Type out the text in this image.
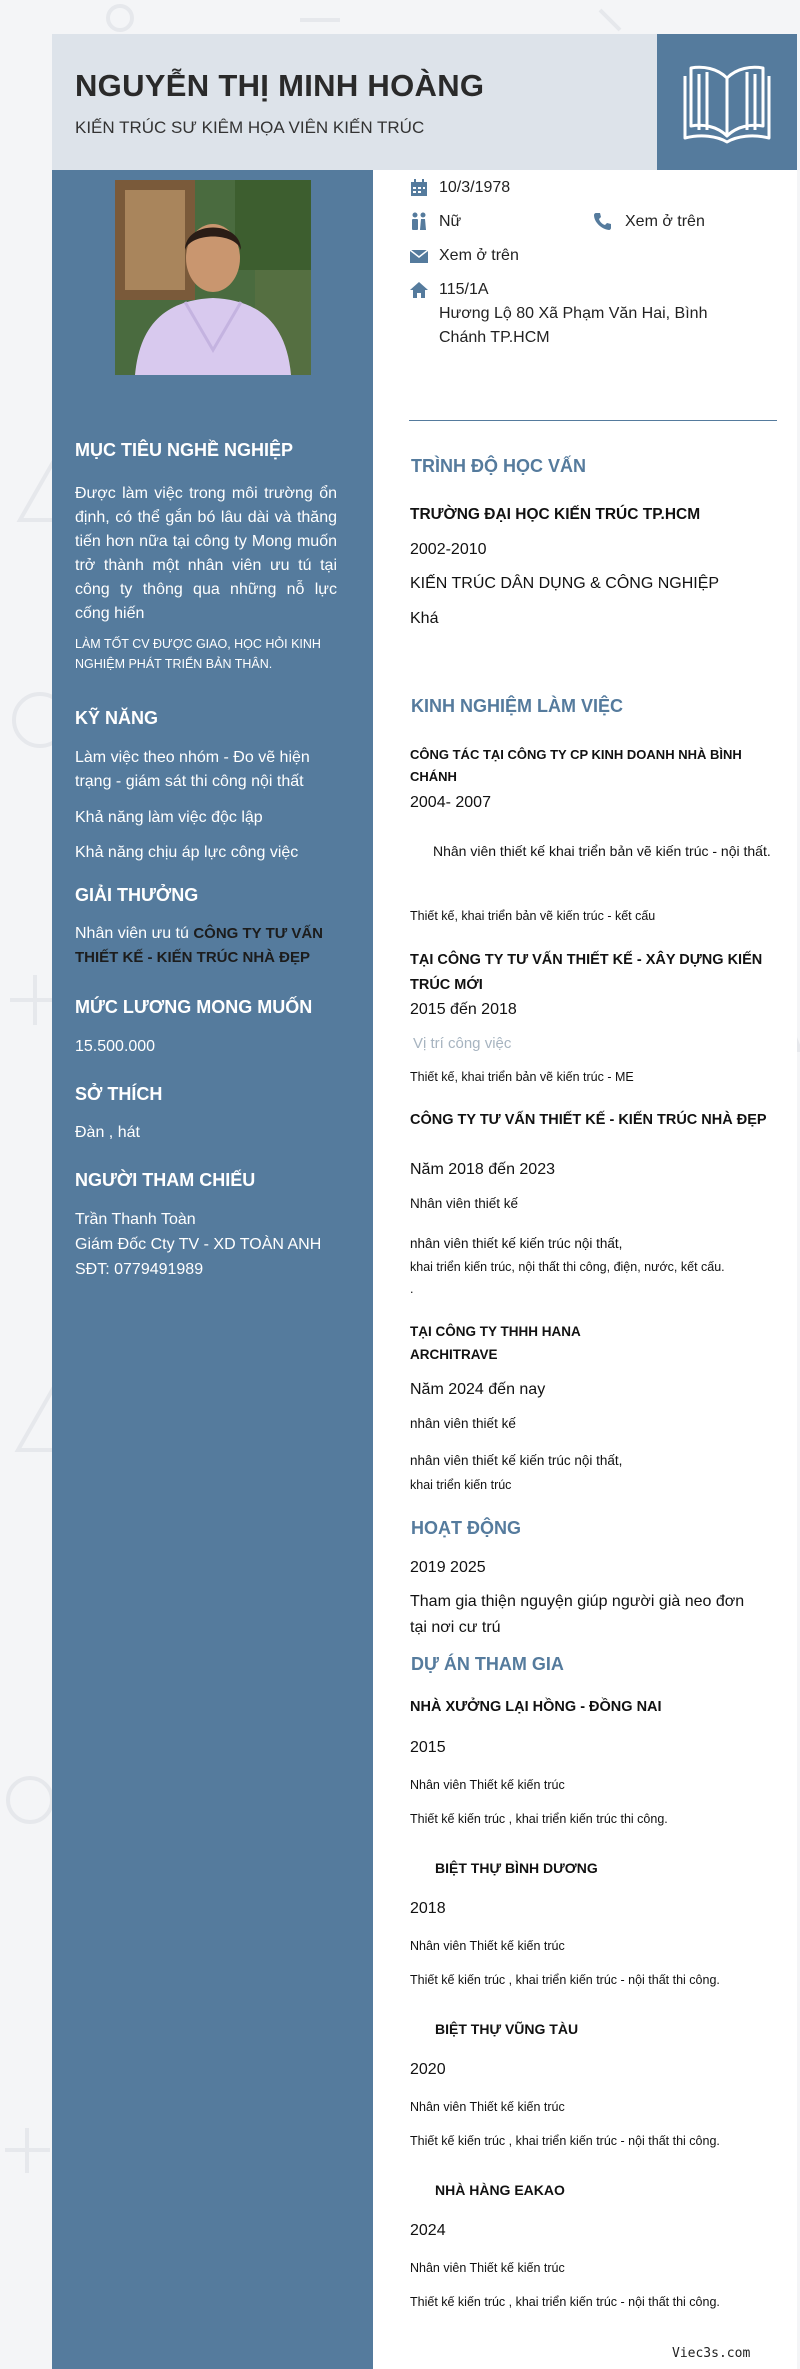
NGUYỄN THỊ MINH HOÀNG
KIẾN TRÚC SƯ KIÊM HỌA VIÊN KIẾN TRÚC
MỤC TIÊU NGHỀ NGHIỆP
Được làm việc trong môi trường ổn định, có thể gắn bó lâu dài và thăng tiến hơn nữa tại công ty Mong muốn trở thành một nhân viên ưu tú tại công ty thông qua những nỗ lực cống hiến
LÀM TỐT CV ĐƯỢC GIAO, HỌC HỎI KINH NGHIỆM PHÁT TRIỂN BẢN THÂN.
KỸ NĂNG
Làm việc theo nhóm - Đo vẽ hiện trạng - giám sát thi công nội thất
Khả năng làm việc độc lập
Khả năng chịu áp lực công việc
GIẢI THƯỞNG
Nhân viên ưu tú CÔNG TY TƯ VẤN THIẾT KẾ - KIẾN TRÚC NHÀ ĐẸP
MỨC LƯƠNG MONG MUỐN
15.500.000
SỞ THÍCH
Đàn , hát
NGƯỜI THAM CHIẾU
Trần Thanh Toàn
Giám Đốc Cty TV - XD TOÀN ANH
SĐT: 0779491989
10/3/1978
Nữ	Xem ở trên
Xem ở trên
115/1A
Hương Lộ 80 Xã Phạm Văn Hai, Bình Chánh TP.HCM
TRÌNH ĐỘ HỌC VẤN
TRƯỜNG ĐẠI HỌC KIẾN TRÚC TP.HCM
2002-2010
KIẾN TRÚC DÂN DỤNG & CÔNG NGHIỆP
Khá
KINH NGHIỆM LÀM VIỆC
CÔNG TÁC TẠI CÔNG TY CP KINH DOANH NHÀ BÌNH CHÁNH
2004- 2007
Nhân viên thiết kế khai triển bản vẽ kiến trúc - nội thất.
Thiết kế, khai triển bản vẽ kiến trúc - kết cấu
TẠI CÔNG TY TƯ VẤN THIẾT KẾ - XÂY DỰNG KIẾN TRÚC MỚI
2015 đến 2018
Vị trí công việc
Thiết kế, khai triển bản vẽ kiến trúc - ME
CÔNG TY TƯ VẤN THIẾT KẾ - KIẾN TRÚC NHÀ ĐẸP
Năm 2018 đến 2023
Nhân viên thiết kế
nhân viên thiết kế kiến trúc nội thất,
khai triển kiến trúc, nội thất thi công, điện, nước, kết cấu.
.
TẠI CÔNG TY THHH HANA ARCHITRAVE
Năm 2024 đến nay
nhân viên thiết kế
nhân viên thiết kế kiến trúc nội thất,
khai triển kiến trúc
HOẠT ĐỘNG
2019 2025
Tham gia thiện nguyện giúp người già neo đơn tại nơi cư trú
DỰ ÁN THAM GIA
NHÀ XƯỞNG LẠI HỒNG - ĐỒNG NAI
2015
Nhân viên Thiết kế kiến trúc
Thiết kế kiến trúc , khai triển kiến trúc thi công.
BIỆT THỰ BÌNH DƯƠNG
2018
Nhân viên Thiết kế kiến trúc
Thiết kế kiến trúc , khai triển kiến trúc - nội thất thi công.
BIỆT THỰ VŨNG TÀU
2020
Nhân viên Thiết kế kiến trúc
Thiết kế kiến trúc , khai triển kiến trúc - nội thất thi công.
NHÀ HÀNG EAKAO
2024
Nhân viên Thiết kế kiến trúc
Thiết kế kiến trúc , khai triển kiến trúc - nội thất thi công.
Viec3s.com
